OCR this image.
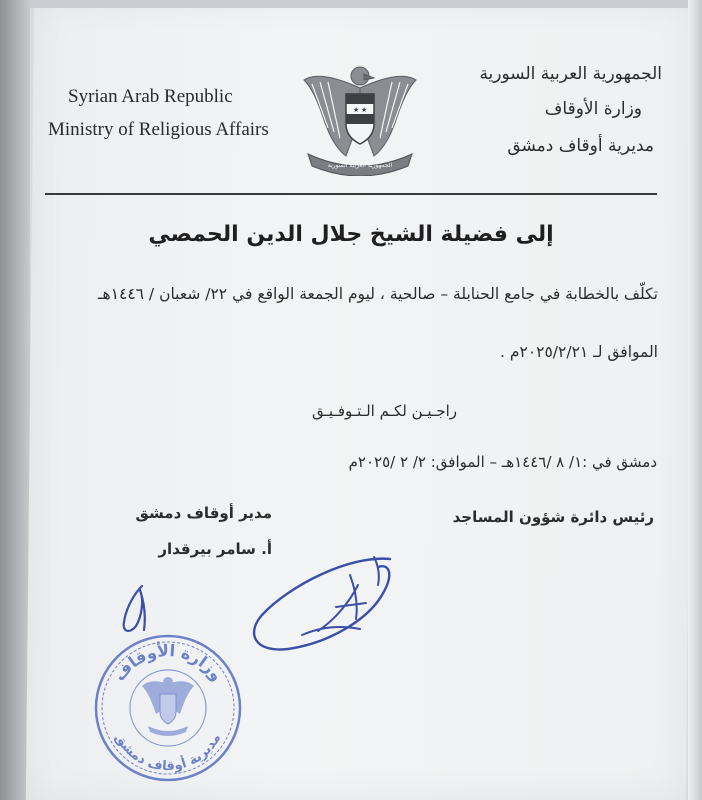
Syrian Arab Republic
Ministry of Religious Affairs
الجمهورية العربية السورية
وزارة الأوقاف
مديرية أوقاف دمشق
★ ★
الجمهورية العربية السورية
إلى فضيلة الشيخ جلال الدين الحمصي
تكلّف بالخطابة في جامع الحنابلة – صالحية ، ليوم الجمعة الواقع في ٢٢/ شعبان / ١٤٤٦هـ
الموافق لـ ٢٠٢٥/٢/٢١م .
راجـيـن لكـم الـتـوفـيـق
دمشق في :١/ ٨ /١٤٤٦هـ – الموافق: ٢/ ٢ /٢٠٢٥م
مدير أوقاف دمشق
أ. سامر بيرقدار
رئيس دائرة شؤون المساجد
وزارة الأوقاف
مديرية أوقاف دمشق
